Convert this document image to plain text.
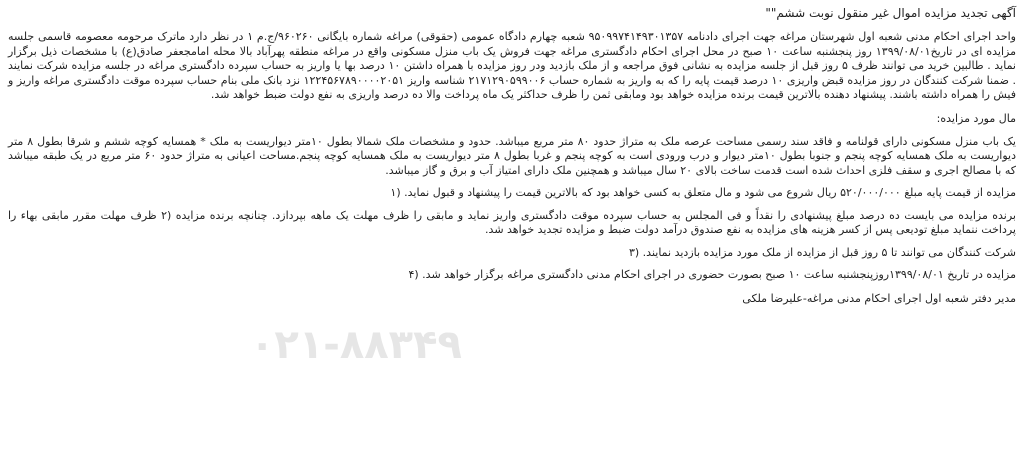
۰۲۱-۸۸۳۴۹
آگهی تجدید مزایده اموال غیر منقول نوبت ششم""
واحد اجرای احکام مدنی شعبه اول شهرستان مراغه جهت اجرای دادنامه ۹۵۰۹۹۷۴۱۴۹۳۰۱۳۵۷ شعبه چهارم دادگاه عمومی (حقوقی) مراغه شماره بایگانی ۹۶۰۲۶۰/ج.م ۱ در نظر دارد ماترک مرحومه معصومه قاسمی جلسه مزایده ای در تاریخ۱۳۹۹/۰۸/۰۱ روز پنجشنبه ساعت ۱۰ صبح در محل اجرای احکام دادگستری مراغه جهت فروش یک باب منزل مسکونی واقع در مراغه منطقه پهرآباد بالا محله امامجعفر صادق(ع) با مشخصات ذیل برگزار نماید . طالبین خرید می توانند ظرف ۵ روز قبل از جلسه مزایده به نشانی فوق مراجعه و از ملک بازدید ودر روز مزایده با همراه داشتن ۱۰ درصد بها یا واریز به حساب سپرده دادگستری مراغه در جلسه مزایده شرکت نمایند . ضمنا شرکت کنندگان در روز مزایده قبض واریزی ۱۰ درصد قیمت پایه را که به واریز به شماره حساب ۲۱۷۱۲۹۰۵۹۹۰۰۶ شناسه واریز ۱۲۲۴۵۶۷۸۹۰۰۰۰۲۰۵۱ نزد بانک ملی بنام حساب سپرده موقت دادگستری مراغه واریز و فیش را همراه داشته باشند. پیشنهاد دهنده بالاترین قیمت برنده مزایده خواهد بود ومابقی ثمن را ظرف حداکثر یک ماه پرداخت والا ده درصد واریزی به نفع دولت ضبط خواهد شد.
مال مورد مزایده:
یک باب منزل مسکونی دارای قولنامه و فاقد سند رسمی مساحت عرصه ملک به متراژ حدود ۸۰ متر مربع میباشد. حدود و مشخصات ملک شمالا بطول ۱۰متر دیواریست به ملک * همسایه کوچه ششم و شرقا بطول ۸ متر دیواریست به ملک همسایه کوچه پنجم و جنوبا بطول ۱۰متر دیوار و درب ورودی است به کوچه پنجم و غربا بطول ۸ متر دیواریست به ملک همسایه کوچه پنجم.مساحت اعیانی به متراژ حدود ۶۰ متر مربع در یک طبقه میباشد که با مصالح اجری و سقف فلزی احداث شده است قدمت ساخت بالای ۲۰ سال میباشد و همچنین ملک دارای امتیاز آب و برق و گاز میباشد.
مزایده از قیمت پایه مبلغ ۵۲۰/۰۰۰/۰۰۰ ریال شروع می شود و مال متعلق به کسی خواهد بود که بالاترین قیمت را پیشنهاد و قبول نماید. (۱
برنده مزایده می بایست ده درصد مبلغ پیشنهادی را نقداً و فی المجلس به حساب سپرده موقت دادگستری واریز نماید و مابقی را ظرف مهلت یک ماهه بپردازد. چنانچه برنده مزایده (۲ ظرف مهلت مقرر مابقی بهاء را پرداخت ننماید مبلغ تودیعی پس از کسر هزینه های مزایده به نفع صندوق درآمد دولت ضبط و مزایده تجدید خواهد شد.
شرکت کنندگان می توانند تا ۵ روز قبل از مزایده از ملک مورد مزایده بازدید نمایند. (۳
مزایده در تاریخ ۱۳۹۹/۰۸/۰۱روزپنجشنبه ساعت ۱۰ صبح بصورت حضوری در اجرای احکام مدنی دادگستری مراغه برگزار خواهد شد. (۴
مدیر دفتر شعبه اول اجرای احکام مدنی مراغه-علیرضا ملکی
